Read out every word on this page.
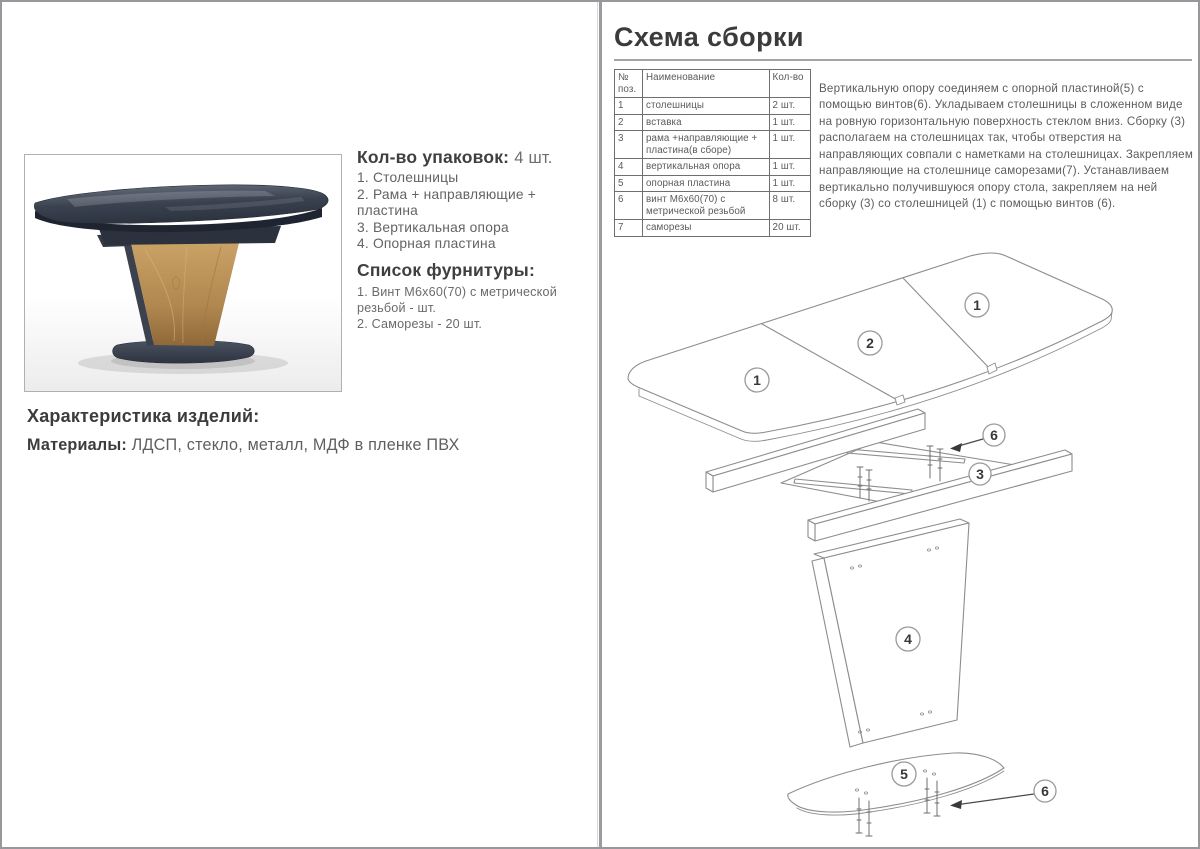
Кол-во упаковок: 4 шт.
1. Столешницы
2. Рама + направляющие + пластина
3. Вертикальная опора
4. Опорная пластина
Список фурнитуры:
1. Винт М6х60(70) с метрической резьбой - шт.
2. Саморезы - 20 шт.
Характеристика изделий:
Материалы: ЛДСП, стекло, металл, МДФ в пленке ПВХ
Схема сборки
№ поз.	Наименование	Кол-во
1	столешницы	2 шт.
2	вставка	1 шт.
3	рама +направляющие + пластина(в сборе)	1 шт.
4	вертикальная опора	1 шт.
5	опорная пластина	1 шт.
6	винт М6х60(70) с метрической резьбой	8 шт.
7	саморезы	20 шт.
Вертикальную опору соединяем с опорной пластиной(5) с помощью винтов(6). Укладываем столешницы в сложенном виде на ровную горизонтальную поверхность стеклом вниз. Сборку (3) располагаем на столешницах так, чтобы отверстия на направляющих совпали с наметками на столешницах. Закрепляем направляющие на столешнице саморезами(7). Устанавливаем вертикально получившуюся опору стола, закрепляем на ней сборку (3) со столешницей (1) с помощью винтов (6).
1
2
1
6
3
4
5
6
